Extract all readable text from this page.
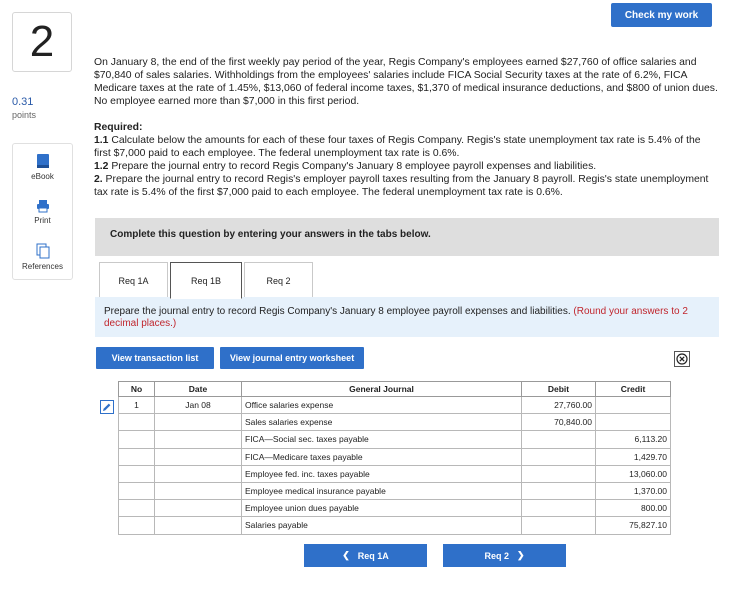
2
0.31
points
eBook
Print
References
Check my work
On January 8, the end of the first weekly pay period of the year, Regis Company's employees earned $27,760 of office salaries and $70,840 of sales salaries. Withholdings from the employees' salaries include FICA Social Security taxes at the rate of 6.2%, FICA Medicare taxes at the rate of 1.45%, $13,060 of federal income taxes, $1,370 of medical insurance deductions, and $800 of union dues. No employee earned more than $7,000 in this first period.
Required:
1.1 Calculate below the amounts for each of these four taxes of Regis Company. Regis's state unemployment tax rate is 5.4% of the first $7,000 paid to each employee. The federal unemployment tax rate is 0.6%.
1.2 Prepare the journal entry to record Regis Company's January 8 employee payroll expenses and liabilities.
2. Prepare the journal entry to record Regis's employer payroll taxes resulting from the January 8 payroll. Regis's state unemployment tax rate is 5.4% of the first $7,000 paid to each employee. The federal unemployment tax rate is 0.6%.
Complete this question by entering your answers in the tabs below.
Req 1A	Req 1B	Req 2
Prepare the journal entry to record Regis Company's January 8 employee payroll expenses and liabilities. (Round your answers to 2 decimal places.)
View transaction list	View journal entry worksheet
No	Date	General Journal	Debit	Credit
1	Jan 08	Office salaries expense	27,760.00	
		Sales salaries expense	70,840.00	
		FICA—Social sec. taxes payable		6,113.20
		FICA—Medicare taxes payable		1,429.70
		Employee fed. inc. taxes payable		13,060.00
		Employee medical insurance payable		1,370.00
		Employee union dues payable		800.00
		Salaries payable		75,827.10
❮ Req 1A	Req 2 ❯
